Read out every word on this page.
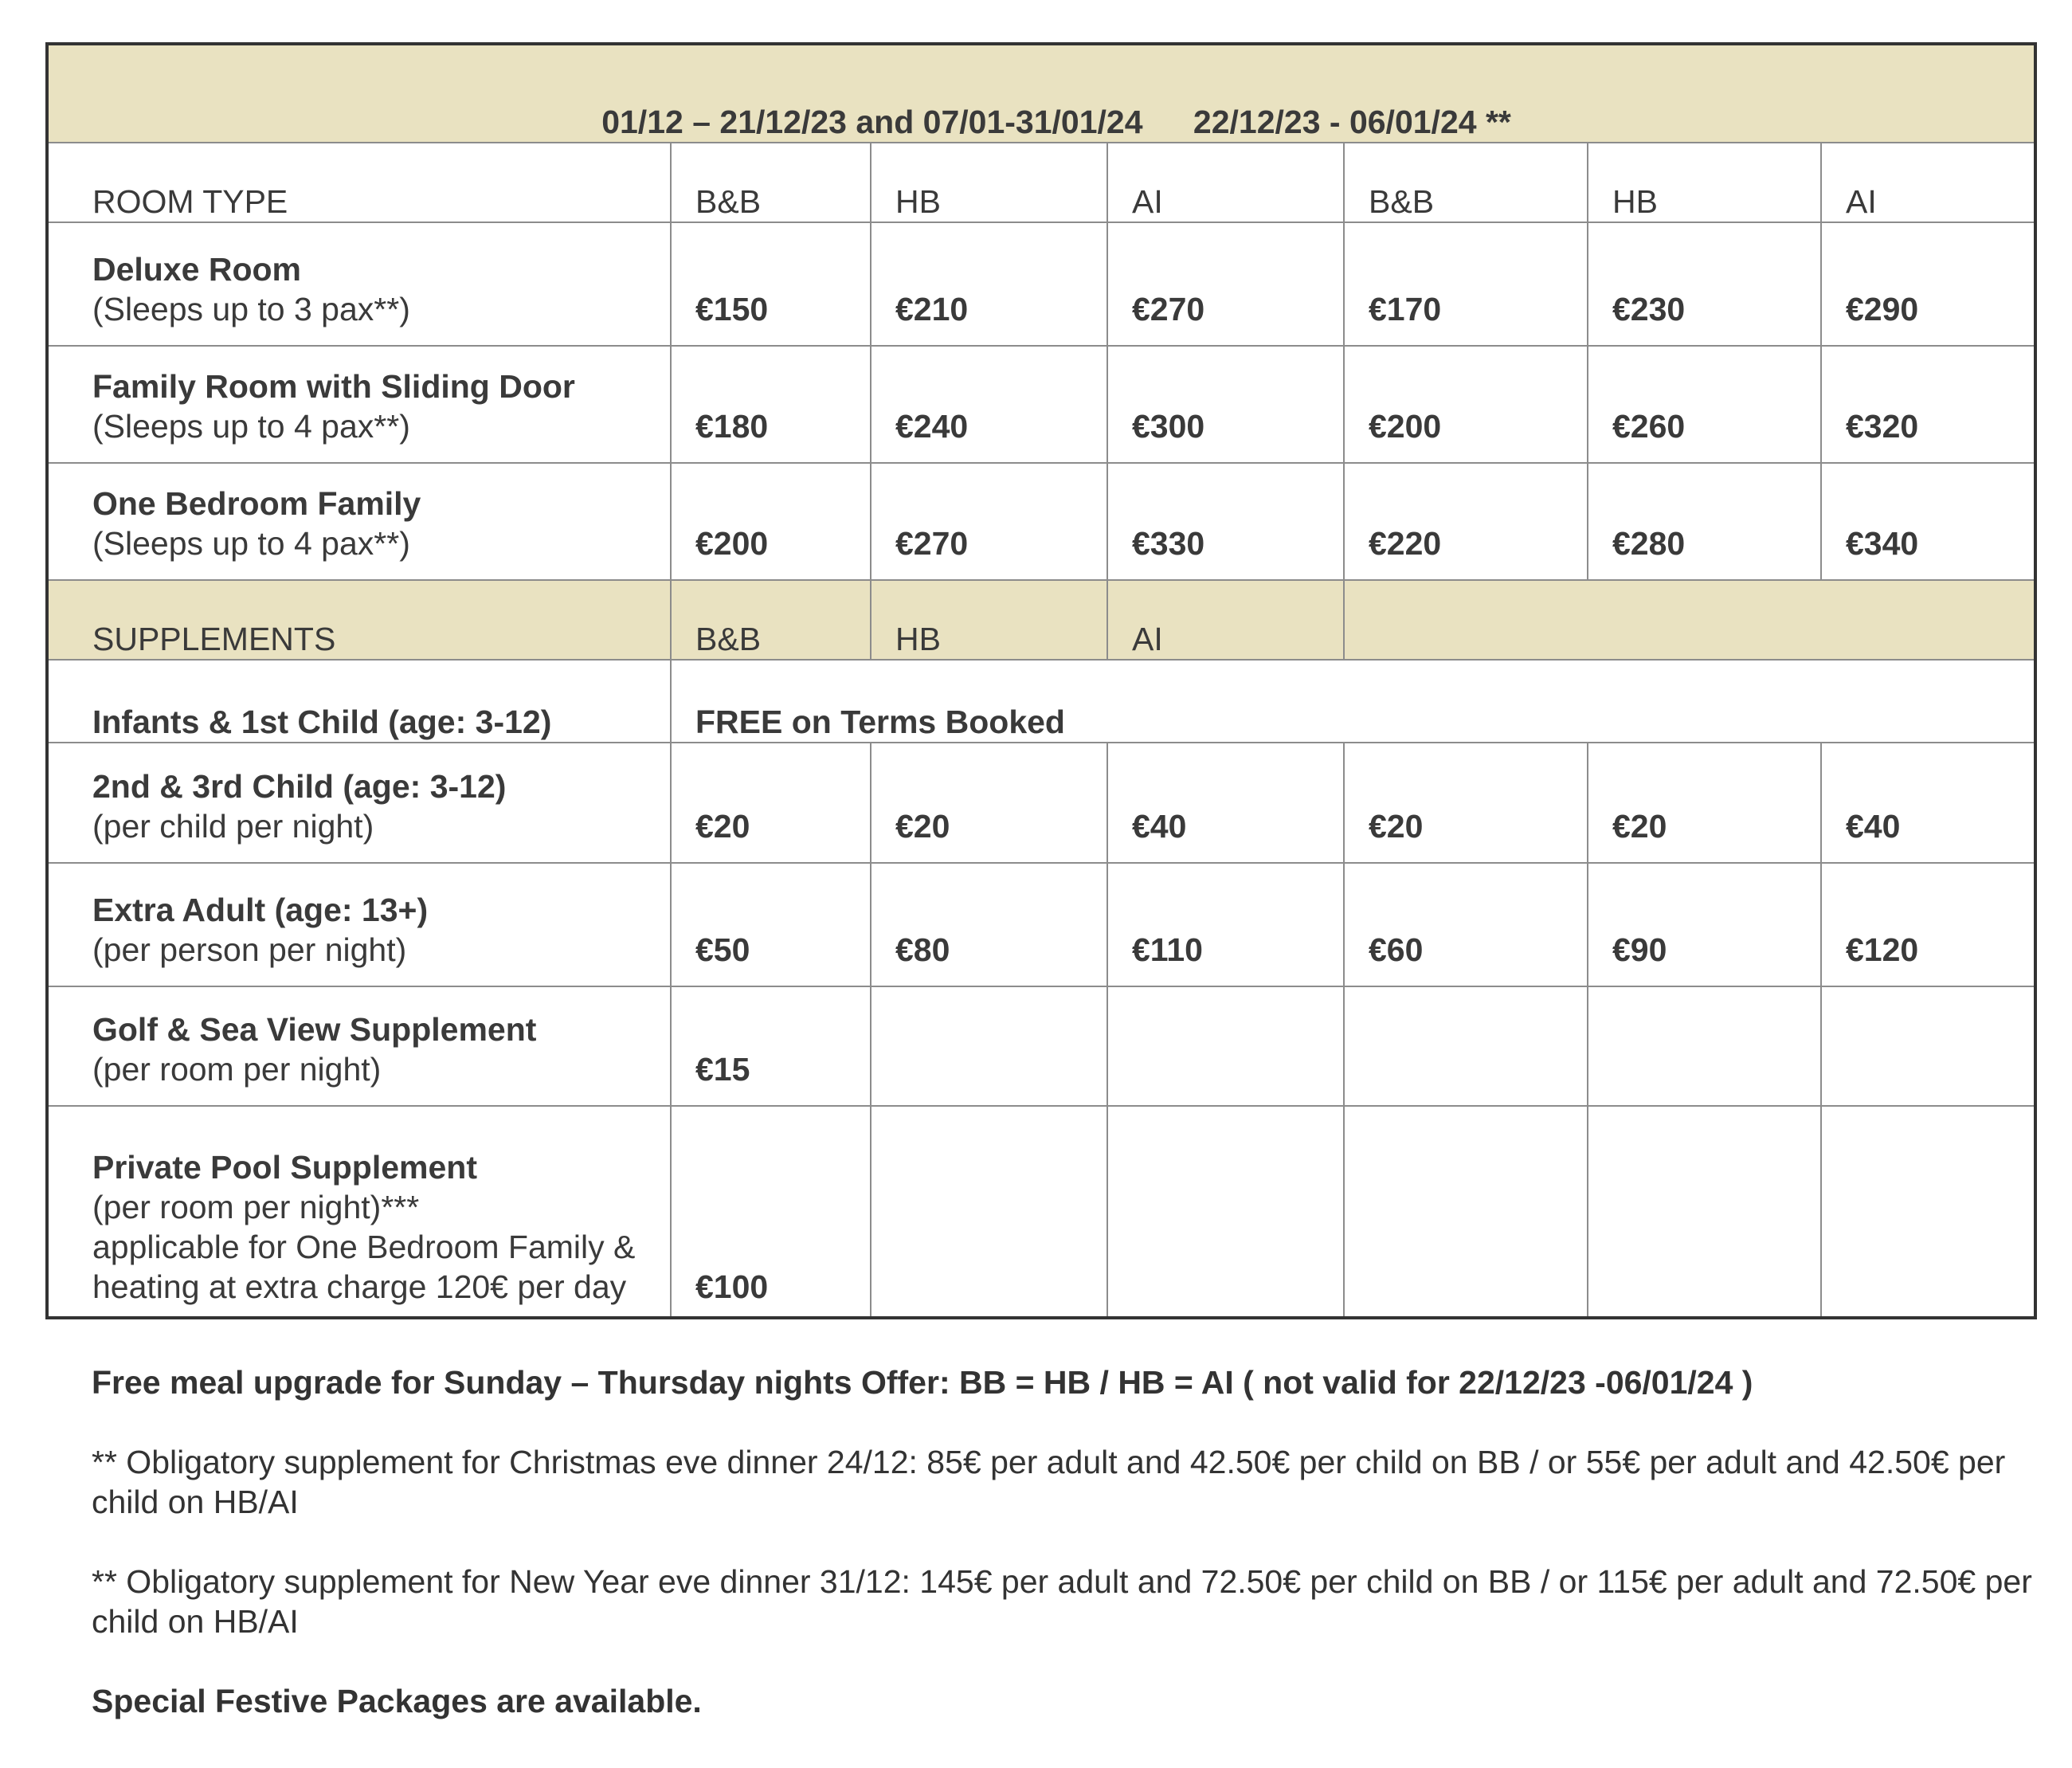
01/12 – 21/12/23 and 07/01-31/01/24 22/12/23 - 06/01/24 **						
ROOM TYPE	B&B	HB	AI	B&B	HB	AI

Deluxe Room
(Sleeps up to 3 pax**)	€150	€210	€270	€170	€230	€290

Family Room with Sliding Door
(Sleeps up to 4 pax**)	€180	€240	€300	€200	€260	€320

One Bedroom Family
(Sleeps up to 4 pax**)	€200	€270	€330	€220	€280	€340

SUPPLEMENTS	B&B	HB	AI			
Infants & 1st Child (age: 3-12)	FREE on Terms Booked					

2nd & 3rd Child (age: 3-12)
(per child per night)	€20	€20	€40	€20	€20	€40

Extra Adult (age: 13+)
(per person per night)	€50	€80	€110	€60	€90	€120

Golf & Sea View Supplement
(per room per night)	€15					

Private Pool Supplement
(per room per night)***
applicable for One Bedroom Family &
heating at extra charge 120€ per day	€100					

Free meal upgrade for Sunday – Thursday nights Offer: BB = HB / HB = AI ( not valid for 22/12/23 -06/01/24 )

** Obligatory supplement for Christmas eve dinner 24/12: 85€ per adult and 42.50€ per child on BB / or 55€ per adult and 42.50€ per child on HB/AI

** Obligatory supplement for New Year eve dinner 31/12: 145€ per adult and 72.50€ per child on BB / or 115€ per adult and 72.50€ per child on HB/AI

Special Festive Packages are available.
